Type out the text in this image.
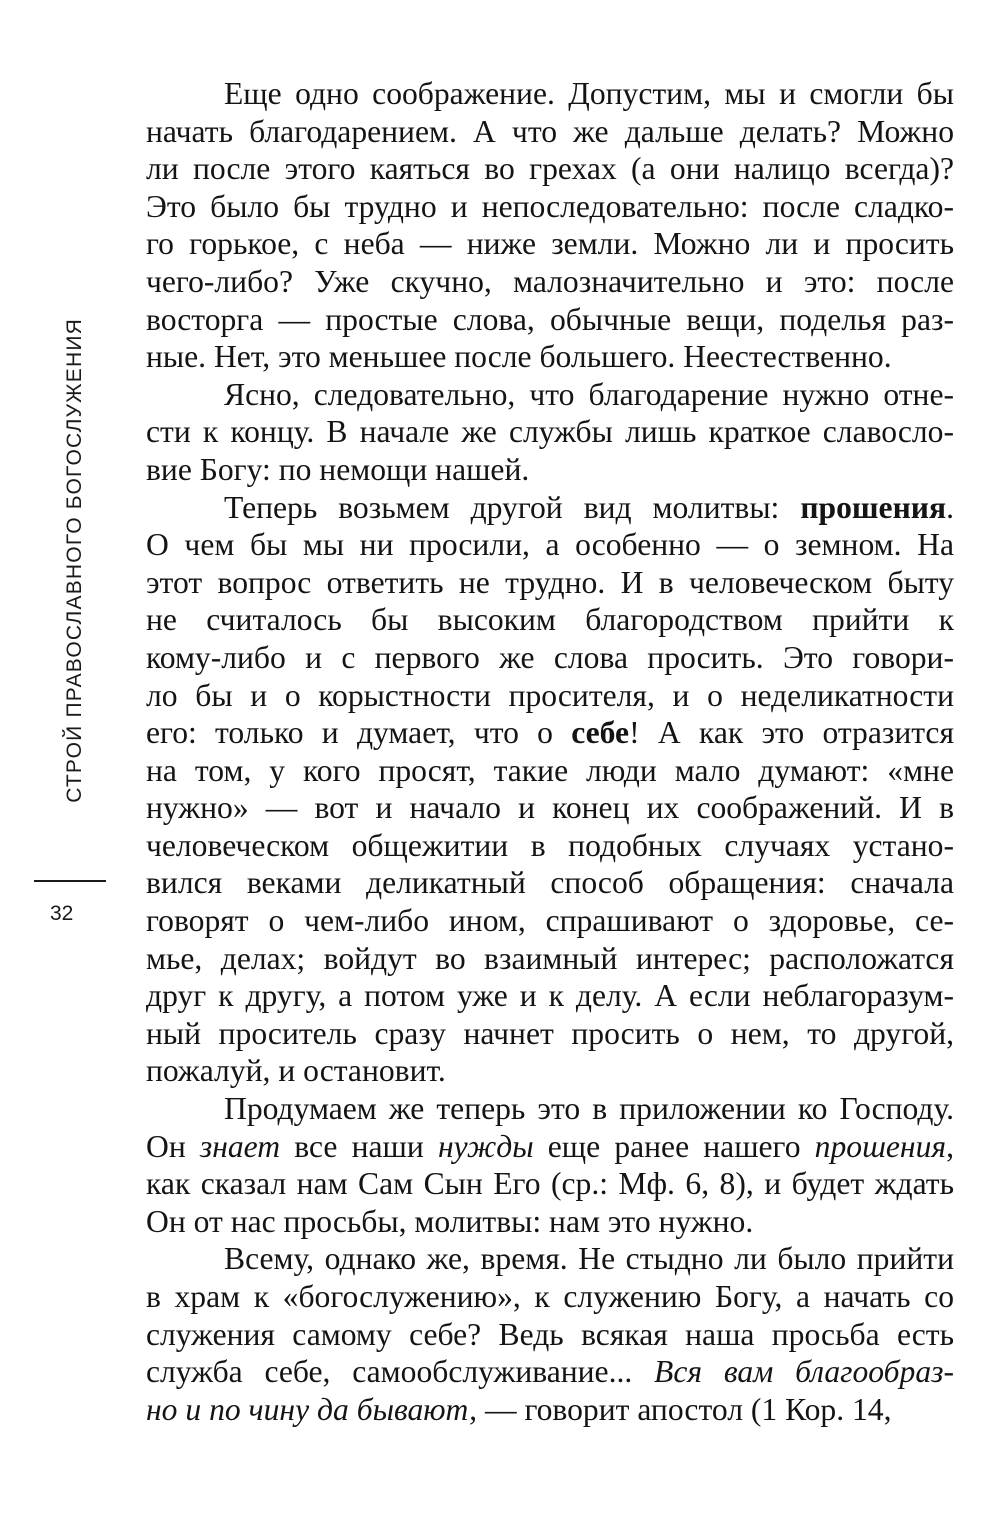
СТРОЙ ПРАВОСЛАВНОГО БОГОСЛУЖЕНИЯ
32
Еще одно соображение. Допустим, мы и смогли бы
начать благодарением. А что же дальше делать? Можно
ли после этого каяться во грехах (а они налицо всегда)?
Это было бы трудно и непоследовательно: после сладко-
го горькое, с неба — ниже земли. Можно ли и просить
чего-либо? Уже скучно, малозначительно и это: после
восторга — простые слова, обычные вещи, поделья раз-
ные. Нет, это меньшее после большего. Неестественно.
Ясно, следовательно, что благодарение нужно отне-
сти к концу. В начале же службы лишь краткое славосло-
вие Богу: по немощи нашей.
Теперь возьмем другой вид молитвы: прошения.
О чем бы мы ни просили, а особенно — о земном. На
этот вопрос ответить не трудно. И в человеческом быту
не считалось бы высоким благородством прийти к
кому-либо и с первого же слова просить. Это говори-
ло бы и о корыстности просителя, и о неделикатности
его: только и думает, что о себе! А как это отразится
на том, у кого просят, такие люди мало думают: «мне
нужно» — вот и начало и конец их соображений. И в
человеческом общежитии в подобных случаях устано-
вился веками деликатный способ обращения: сначала
говорят о чем-либо ином, спрашивают о здоровье, се-
мье, делах; войдут во взаимный интерес; расположатся
друг к другу, а потом уже и к делу. А если неблагоразум-
ный проситель сразу начнет просить о нем, то другой,
пожалуй, и остановит.
Продумаем же теперь это в приложении ко Господу.
Он знает все наши нужды еще ранее нашего прошения,
как сказал нам Сам Сын Его (ср.: Мф. 6, 8), и будет ждать
Он от нас просьбы, молитвы: нам это нужно.
Всему, однако же, время. Не стыдно ли было прийти
в храм к «богослужению», к служению Богу, а начать со
служения самому себе? Ведь всякая наша просьба есть
служба себе, самообслуживание... Вся вам благообраз-
но и по чину да бывают, — говорит апостол (1 Кор. 14,
